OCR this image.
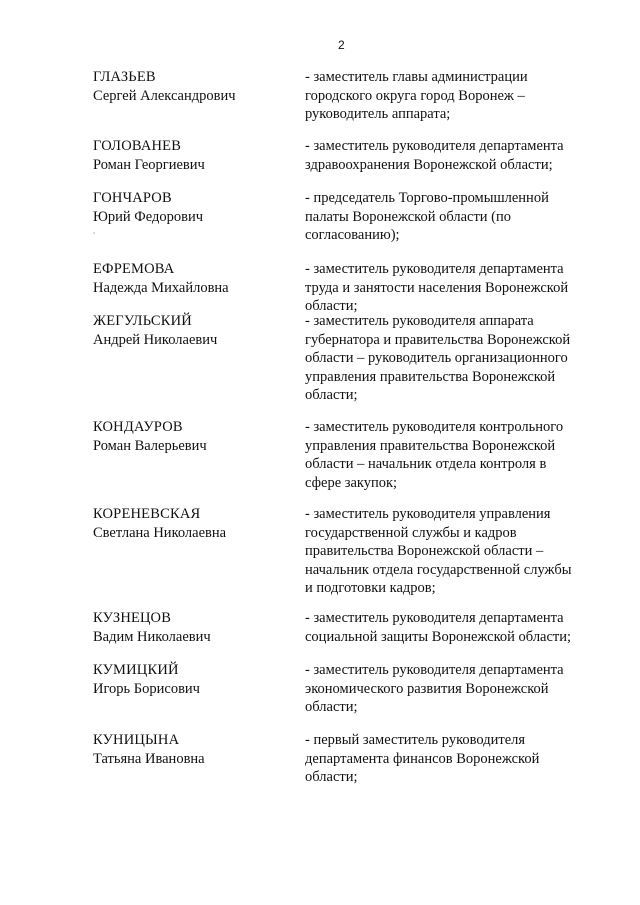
2
ГЛАЗЬЕВ
Сергей Александрович
- заместитель главы администрации
городского округа город Воронеж –
руководитель аппарата;
ГОЛОВАНЕВ
Роман Георгиевич
- заместитель руководителя департамента
здравоохранения Воронежской области;
ГОНЧАРОВ
Юрий Федорович
- председатель Торгово-промышленной
палаты Воронежской области (по
согласованию);
ЕФРЕМОВА
Надежда Михайловна
- заместитель руководителя департамента
труда и занятости населения Воронежской
области;
ЖЕГУЛЬСКИЙ
Андрей Николаевич
- заместитель руководителя аппарата
губернатора и правительства Воронежской
области – руководитель организационного
управления правительства Воронежской
области;
КОНДАУРОВ
Роман Валерьевич
- заместитель руководителя контрольного
управления правительства Воронежской
области – начальник отдела контроля в
сфере закупок;
КОРЕНЕВСКАЯ
Светлана Николаевна
- заместитель руководителя управления
государственной службы и кадров
правительства Воронежской области –
начальник отдела государственной службы
и подготовки кадров;
КУЗНЕЦОВ
Вадим Николаевич
- заместитель руководителя департамента
социальной защиты Воронежской области;
КУМИЦКИЙ
Игорь Борисович
- заместитель руководителя департамента
экономического развития Воронежской
области;
КУНИЦЫНА
Татьяна Ивановна
- первый заместитель руководителя
департамента финансов Воронежской
области;
